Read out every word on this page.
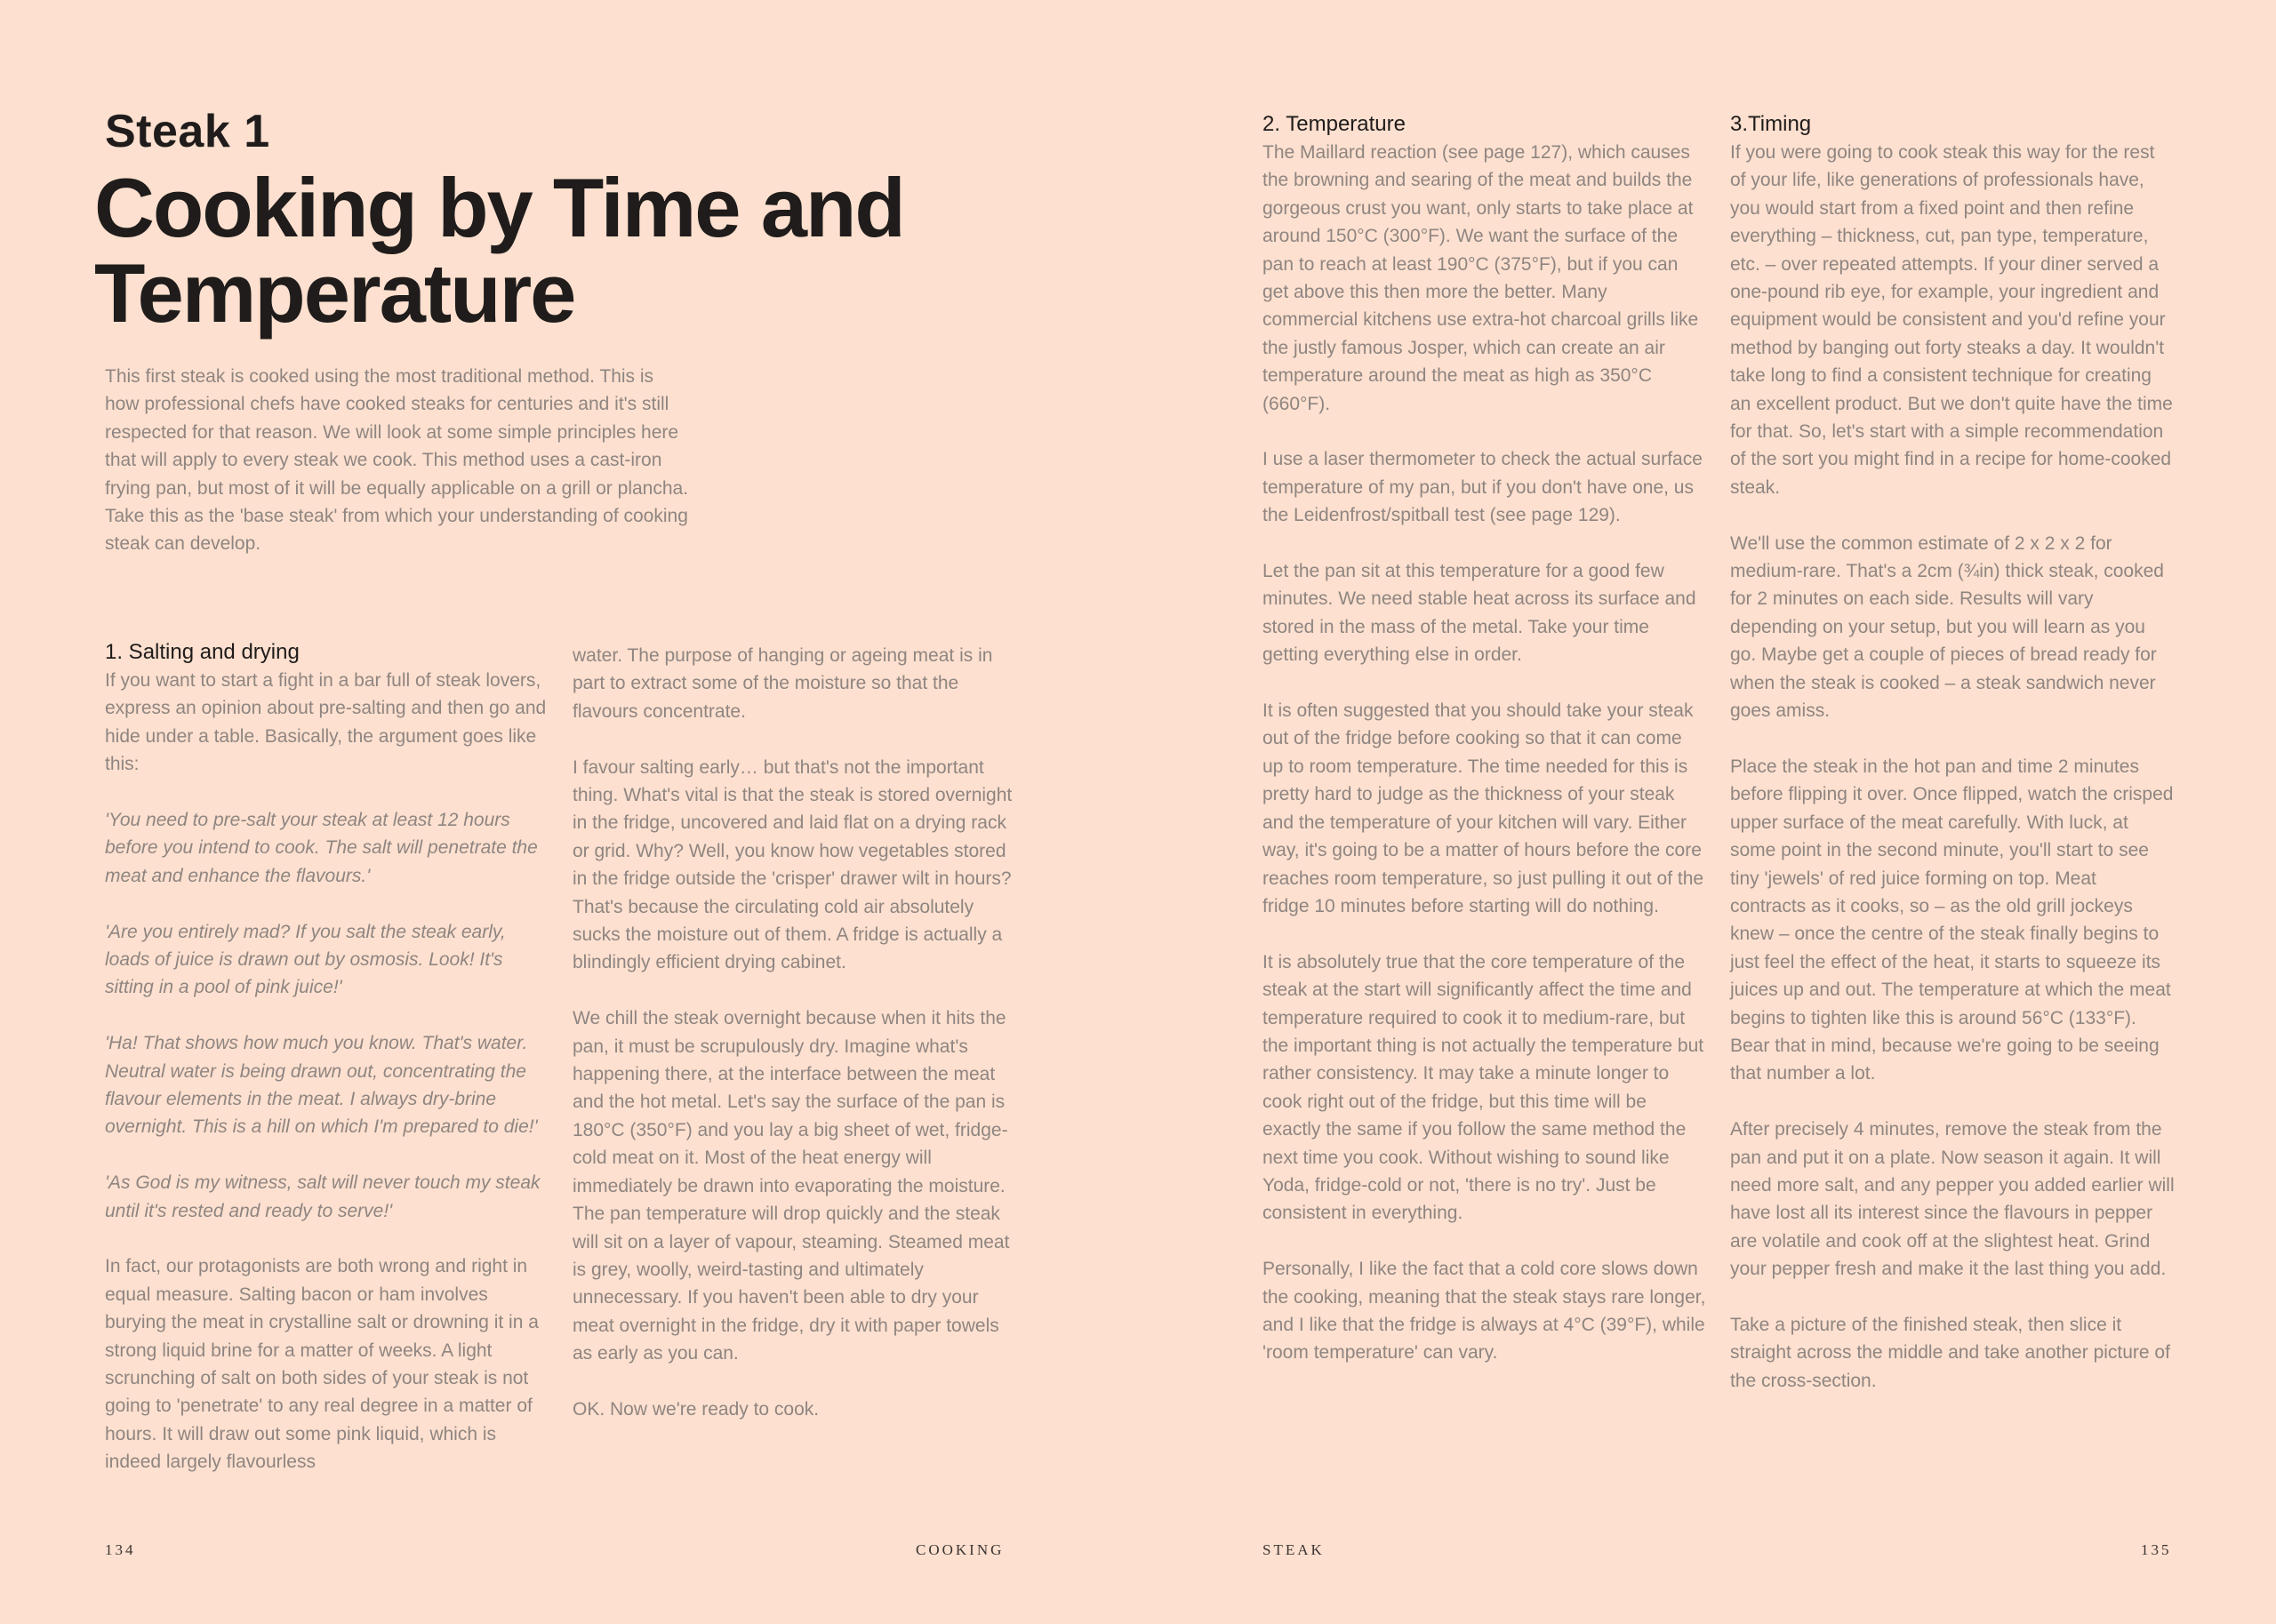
Steak 1
Cooking by Time and Temperature

This first steak is cooked using the most traditional method. This is how professional chefs have cooked steaks for centuries and it's still respected for that reason. We will look at some simple principles here that will apply to every steak we cook. This method uses a cast-iron frying pan, but most of it will be equally applicable on a grill or plancha. Take this as the 'base steak' from which your understanding of cooking steak can develop.

1. Salting and drying

If you want to start a fight in a bar full of steak lovers, express an opinion about pre-salting and then go and hide under a table. Basically, the argument goes like this:

'You need to pre-salt your steak at least 12 hours before you intend to cook. The salt will penetrate the meat and enhance the flavours.'

'Are you entirely mad? If you salt the steak early, loads of juice is drawn out by osmosis. Look! It's sitting in a pool of pink juice!'

'Ha! That shows how much you know. That's water. Neutral water is being drawn out, concentrating the flavour elements in the meat. I always dry-brine overnight. This is a hill on which I'm prepared to die!'

'As God is my witness, salt will never touch my steak until it's rested and ready to serve!'

In fact, our protagonists are both wrong and right in equal measure. Salting bacon or ham involves burying the meat in crystalline salt or drowning it in a strong liquid brine for a matter of weeks. A light scrunching of salt on both sides of your steak is not going to 'penetrate' to any real degree in a matter of hours. It will draw out some pink liquid, which is indeed largely flavourless

water. The purpose of hanging or ageing meat is in part to extract some of the moisture so that the flavours concentrate.

I favour salting early… but that's not the important thing. What's vital is that the steak is stored overnight in the fridge, uncovered and laid flat on a drying rack or grid. Why? Well, you know how vegetables stored in the fridge outside the 'crisper' drawer wilt in hours? That's because the circulating cold air absolutely sucks the moisture out of them. A fridge is actually a blindingly efficient drying cabinet.

We chill the steak overnight because when it hits the pan, it must be scrupulously dry. Imagine what's happening there, at the interface between the meat and the hot metal. Let's say the surface of the pan is 180°C (350°F) and you lay a big sheet of wet, fridge-cold meat on it. Most of the heat energy will immediately be drawn into evaporating the moisture. The pan temperature will drop quickly and the steak will sit on a layer of vapour, steaming. Steamed meat is grey, woolly, weird-tasting and ultimately unnecessary. If you haven't been able to dry your meat overnight in the fridge, dry it with paper towels as early as you can.

OK. Now we're ready to cook.

134	COOKING
2. Temperature

The Maillard reaction (see page 127), which causes the browning and searing of the meat and builds the gorgeous crust you want, only starts to take place at around 150°C (300°F). We want the surface of the pan to reach at least 190°C (375°F), but if you can get above this then more the better. Many commercial kitchens use extra-hot charcoal grills like the justly famous Josper, which can create an air temperature around the meat as high as 350°C (660°F).

I use a laser thermometer to check the actual surface temperature of my pan, but if you don't have one, us the Leidenfrost/spitball test (see page 129).

Let the pan sit at this temperature for a good few minutes. We need stable heat across its surface and stored in the mass of the metal. Take your time getting everything else in order.

It is often suggested that you should take your steak out of the fridge before cooking so that it can come up to room temperature. The time needed for this is pretty hard to judge as the thickness of your steak and the temperature of your kitchen will vary. Either way, it's going to be a matter of hours before the core reaches room temperature, so just pulling it out of the fridge 10 minutes before starting will do nothing.

It is absolutely true that the core temperature of the steak at the start will significantly affect the time and temperature required to cook it to medium-rare, but the important thing is not actually the temperature but rather consistency. It may take a minute longer to cook right out of the fridge, but this time will be exactly the same if you follow the same method the next time you cook. Without wishing to sound like Yoda, fridge-cold or not, 'there is no try'. Just be consistent in everything.

Personally, I like the fact that a cold core slows down the cooking, meaning that the steak stays rare longer, and I like that the fridge is always at 4°C (39°F), while 'room temperature' can vary.

3.Timing

If you were going to cook steak this way for the rest of your life, like generations of professionals have, you would start from a fixed point and then refine everything – thickness, cut, pan type, temperature, etc. – over repeated attempts. If your diner served a one-pound rib eye, for example, your ingredient and equipment would be consistent and you'd refine your method by banging out forty steaks a day. It wouldn't take long to find a consistent technique for creating an excellent product. But we don't quite have the time for that. So, let's start with a simple recommendation of the sort you might find in a recipe for home-cooked steak.

We'll use the common estimate of 2 x 2 x 2 for medium-rare. That's a 2cm (¾in) thick steak, cooked for 2 minutes on each side. Results will vary depending on your setup, but you will learn as you go. Maybe get a couple of pieces of bread ready for when the steak is cooked – a steak sandwich never goes amiss.

Place the steak in the hot pan and time 2 minutes before flipping it over. Once flipped, watch the crisped upper surface of the meat carefully. With luck, at some point in the second minute, you'll start to see tiny 'jewels' of red juice forming on top. Meat contracts as it cooks, so – as the old grill jockeys knew – once the centre of the steak finally begins to just feel the effect of the heat, it starts to squeeze its juices up and out. The temperature at which the meat begins to tighten like this is around 56°C (133°F). Bear that in mind, because we're going to be seeing that number a lot.

After precisely 4 minutes, remove the steak from the pan and put it on a plate. Now season it again. It will need more salt, and any pepper you added earlier will have lost all its interest since the flavours in pepper are volatile and cook off at the slightest heat. Grind your pepper fresh and make it the last thing you add.

Take a picture of the finished steak, then slice it straight across the middle and take another picture of the cross-section.

STEAK	135
